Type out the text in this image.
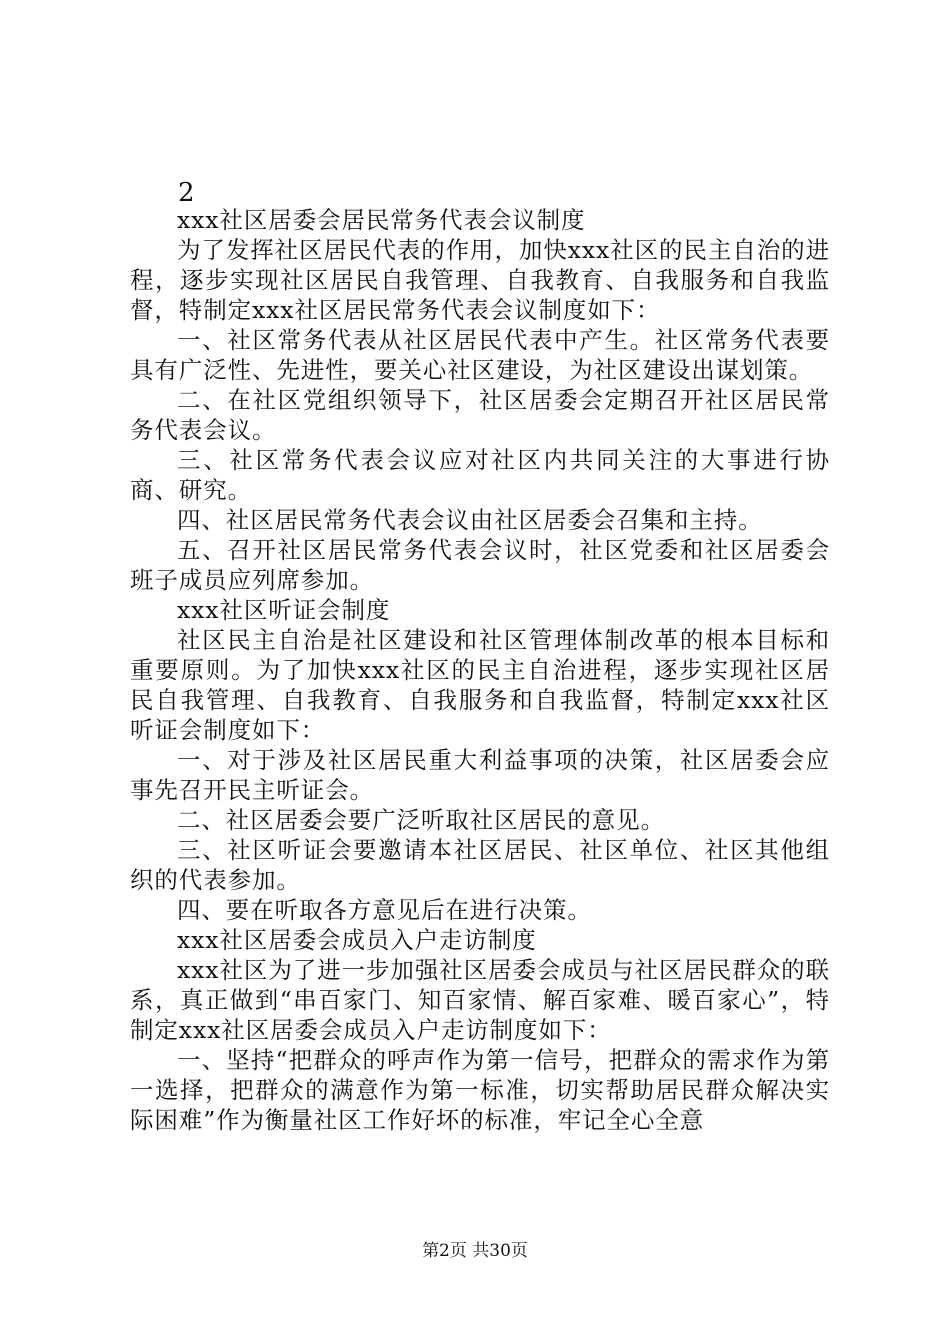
2

xxx社区居委会居民常务代表会议制度

为了发挥社区居民代表的作用，加快xxx社区的民主自治的进程，逐步实现社区居民自我管理、自我教育、自我服务和自我监督，特制定xxx社区居民常务代表会议制度如下：

一、社区常务代表从社区居民代表中产生。社区常务代表要具有广泛性、先进性，要关心社区建设，为社区建设出谋划策。

二、在社区党组织领导下，社区居委会定期召开社区居民常务代表会议。

三、社区常务代表会议应对社区内共同关注的大事进行协商、研究。

四、社区居民常务代表会议由社区居委会召集和主持。

五、召开社区居民常务代表会议时，社区党委和社区居委会班子成员应列席参加。

xxx社区听证会制度

社区民主自治是社区建设和社区管理体制改革的根本目标和重要原则。为了加快xxx社区的民主自治进程，逐步实现社区居民自我管理、自我教育、自我服务和自我监督，特制定xxx社区听证会制度如下：

一、对于涉及社区居民重大利益事项的决策，社区居委会应事先召开民主听证会。

二、社区居委会要广泛听取社区居民的意见。

三、社区听证会要邀请本社区居民、社区单位、社区其他组织的代表参加。

四、要在听取各方意见后在进行决策。

xxx社区居委会成员入户走访制度

xxx社区为了进一步加强社区居委会成员与社区居民群众的联系，真正做到“串百家门、知百家情、解百家难、暖百家心”，特制定xxx社区居委会成员入户走访制度如下：

一、坚持“把群众的呼声作为第一信号，把群众的需求作为第一选择，把群众的满意作为第一标准，切实帮助居民群众解决实际困难”作为衡量社区工作好坏的标准，牢记全心全意

第2页 共30页
